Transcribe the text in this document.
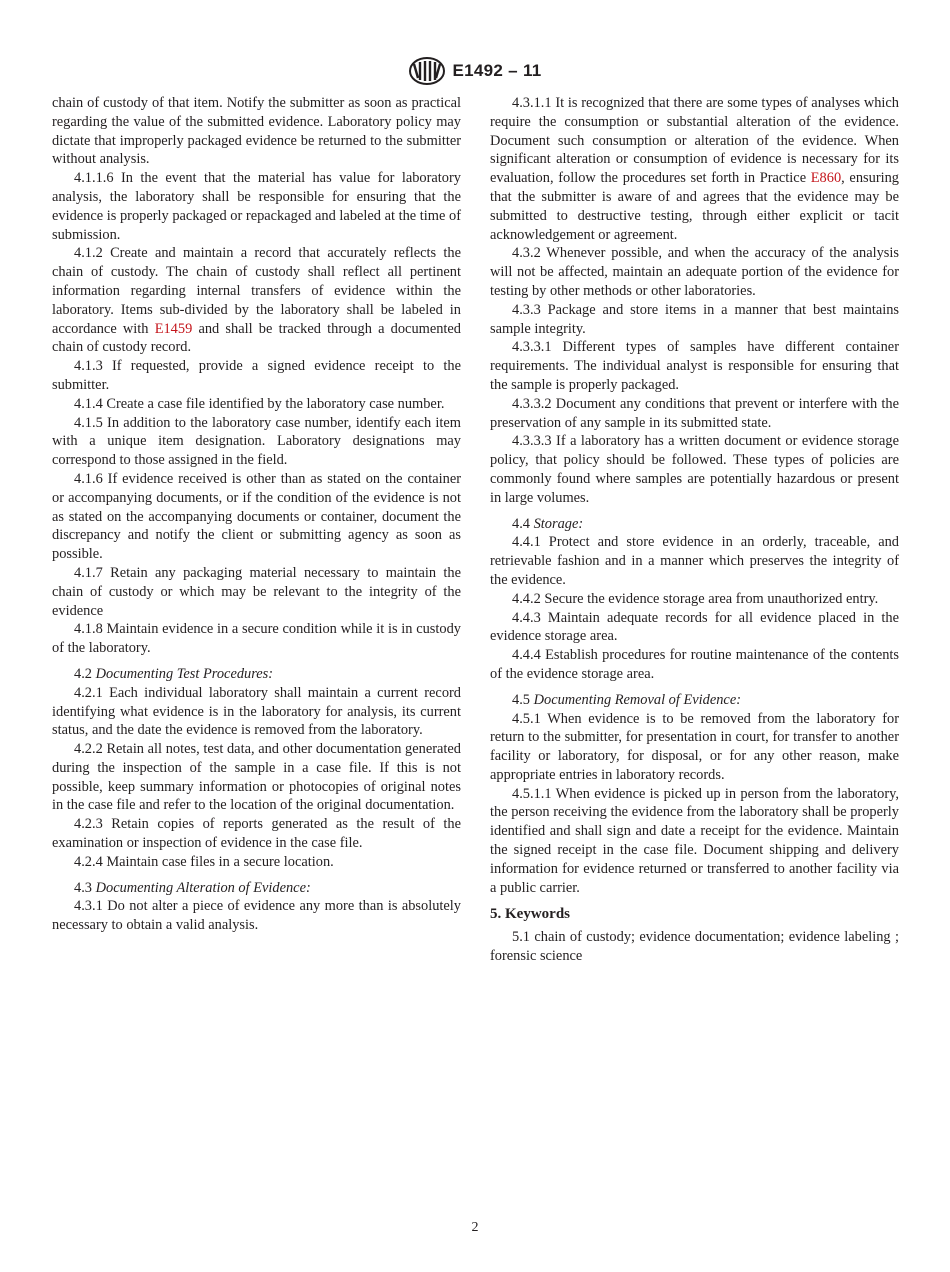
E1492 – 11

chain of custody of that item. Notify the submitter as soon as practical regarding the value of the submitted evidence. Laboratory policy may dictate that improperly packaged evidence be returned to the submitter without analysis.

4.1.1.6 In the event that the material has value for laboratory analysis, the laboratory shall be responsible for ensuring that the evidence is properly packaged or repackaged and labeled at the time of submission.

4.1.2 Create and maintain a record that accurately reflects the chain of custody. The chain of custody shall reflect all pertinent information regarding internal transfers of evidence within the laboratory. Items sub-divided by the laboratory shall be labeled in accordance with E1459 and shall be tracked through a documented chain of custody record.

4.1.3 If requested, provide a signed evidence receipt to the submitter.

4.1.4 Create a case file identified by the laboratory case number.

4.1.5 In addition to the laboratory case number, identify each item with a unique item designation. Laboratory designations may correspond to those assigned in the field.

4.1.6 If evidence received is other than as stated on the container or accompanying documents, or if the condition of the evidence is not as stated on the accompanying documents or container, document the discrepancy and notify the client or submitting agency as soon as possible.

4.1.7 Retain any packaging material necessary to maintain the chain of custody or which may be relevant to the integrity of the evidence

4.1.8 Maintain evidence in a secure condition while it is in custody of the laboratory.

4.2 Documenting Test Procedures:

4.2.1 Each individual laboratory shall maintain a current record identifying what evidence is in the laboratory for analysis, its current status, and the date the evidence is removed from the laboratory.

4.2.2 Retain all notes, test data, and other documentation generated during the inspection of the sample in a case file. If this is not possible, keep summary information or photocopies of original notes in the case file and refer to the location of the original documentation.

4.2.3 Retain copies of reports generated as the result of the examination or inspection of evidence in the case file.

4.2.4 Maintain case files in a secure location.

4.3 Documenting Alteration of Evidence:

4.3.1 Do not alter a piece of evidence any more than is absolutely necessary to obtain a valid analysis.

4.3.1.1 It is recognized that there are some types of analyses which require the consumption or substantial alteration of the evidence. Document such consumption or alteration of the evidence. When significant alteration or consumption of evidence is necessary for its evaluation, follow the procedures set forth in Practice E860, ensuring that the submitter is aware of and agrees that the evidence may be submitted to destructive testing, through either explicit or tacit acknowledgement or agreement.

4.3.2 Whenever possible, and when the accuracy of the analysis will not be affected, maintain an adequate portion of the evidence for testing by other methods or other laboratories.

4.3.3 Package and store items in a manner that best maintains sample integrity.

4.3.3.1 Different types of samples have different container requirements. The individual analyst is responsible for ensuring that the sample is properly packaged.

4.3.3.2 Document any conditions that prevent or interfere with the preservation of any sample in its submitted state.

4.3.3.3 If a laboratory has a written document or evidence storage policy, that policy should be followed. These types of policies are commonly found where samples are potentially hazardous or present in large volumes.

4.4 Storage:

4.4.1 Protect and store evidence in an orderly, traceable, and retrievable fashion and in a manner which preserves the integrity of the evidence.

4.4.2 Secure the evidence storage area from unauthorized entry.

4.4.3 Maintain adequate records for all evidence placed in the evidence storage area.

4.4.4 Establish procedures for routine maintenance of the contents of the evidence storage area.

4.5 Documenting Removal of Evidence:

4.5.1 When evidence is to be removed from the laboratory for return to the submitter, for presentation in court, for transfer to another facility or laboratory, for disposal, or for any other reason, make appropriate entries in laboratory records.

4.5.1.1 When evidence is picked up in person from the laboratory, the person receiving the evidence from the laboratory shall be properly identified and shall sign and date a receipt for the evidence. Maintain the signed receipt in the case file. Document shipping and delivery information for evidence returned or transferred to another facility via a public carrier.

5. Keywords

5.1 chain of custody; evidence documentation; evidence labeling ; forensic science

2
